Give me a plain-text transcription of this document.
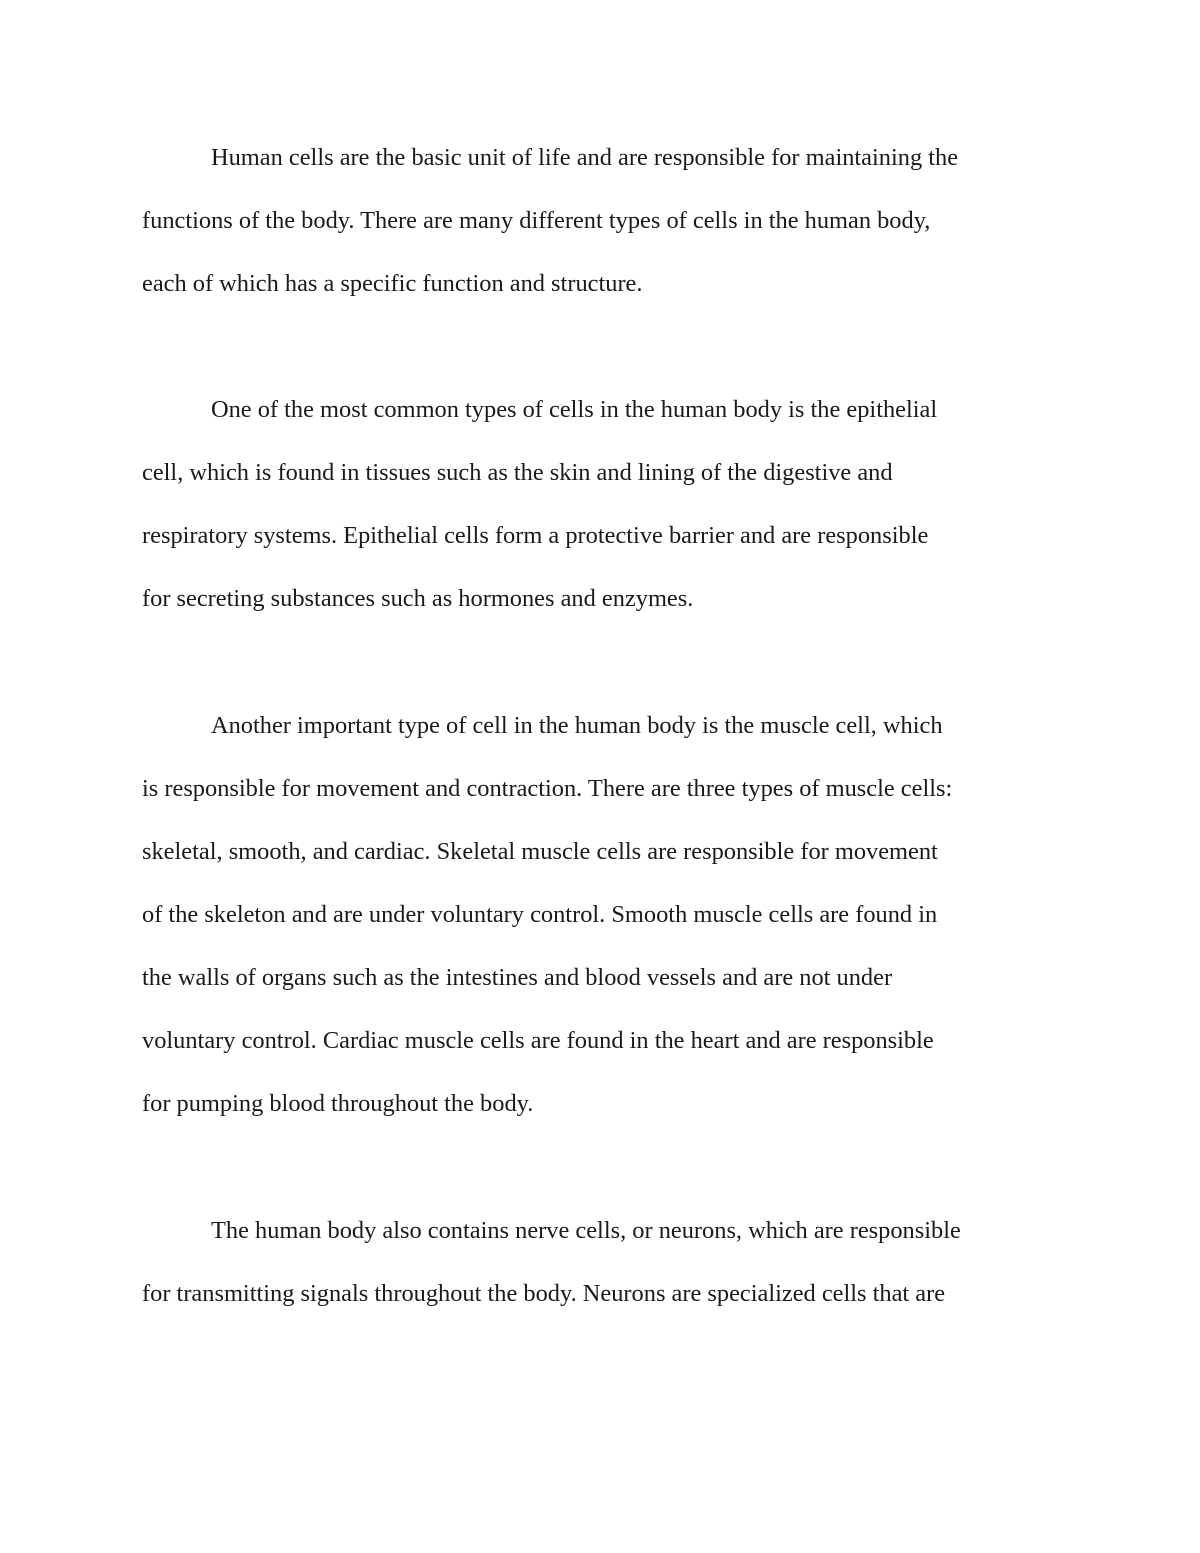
Human cells are the basic unit of life and are responsible for maintaining the

functions of the body. There are many different types of cells in the human body,

each of which has a specific function and structure.

One of the most common types of cells in the human body is the epithelial

cell, which is found in tissues such as the skin and lining of the digestive and

respiratory systems. Epithelial cells form a protective barrier and are responsible

for secreting substances such as hormones and enzymes.

Another important type of cell in the human body is the muscle cell, which

is responsible for movement and contraction. There are three types of muscle cells:

skeletal, smooth, and cardiac. Skeletal muscle cells are responsible for movement

of the skeleton and are under voluntary control. Smooth muscle cells are found in

the walls of organs such as the intestines and blood vessels and are not under

voluntary control. Cardiac muscle cells are found in the heart and are responsible

for pumping blood throughout the body.

The human body also contains nerve cells, or neurons, which are responsible

for transmitting signals throughout the body. Neurons are specialized cells that are
